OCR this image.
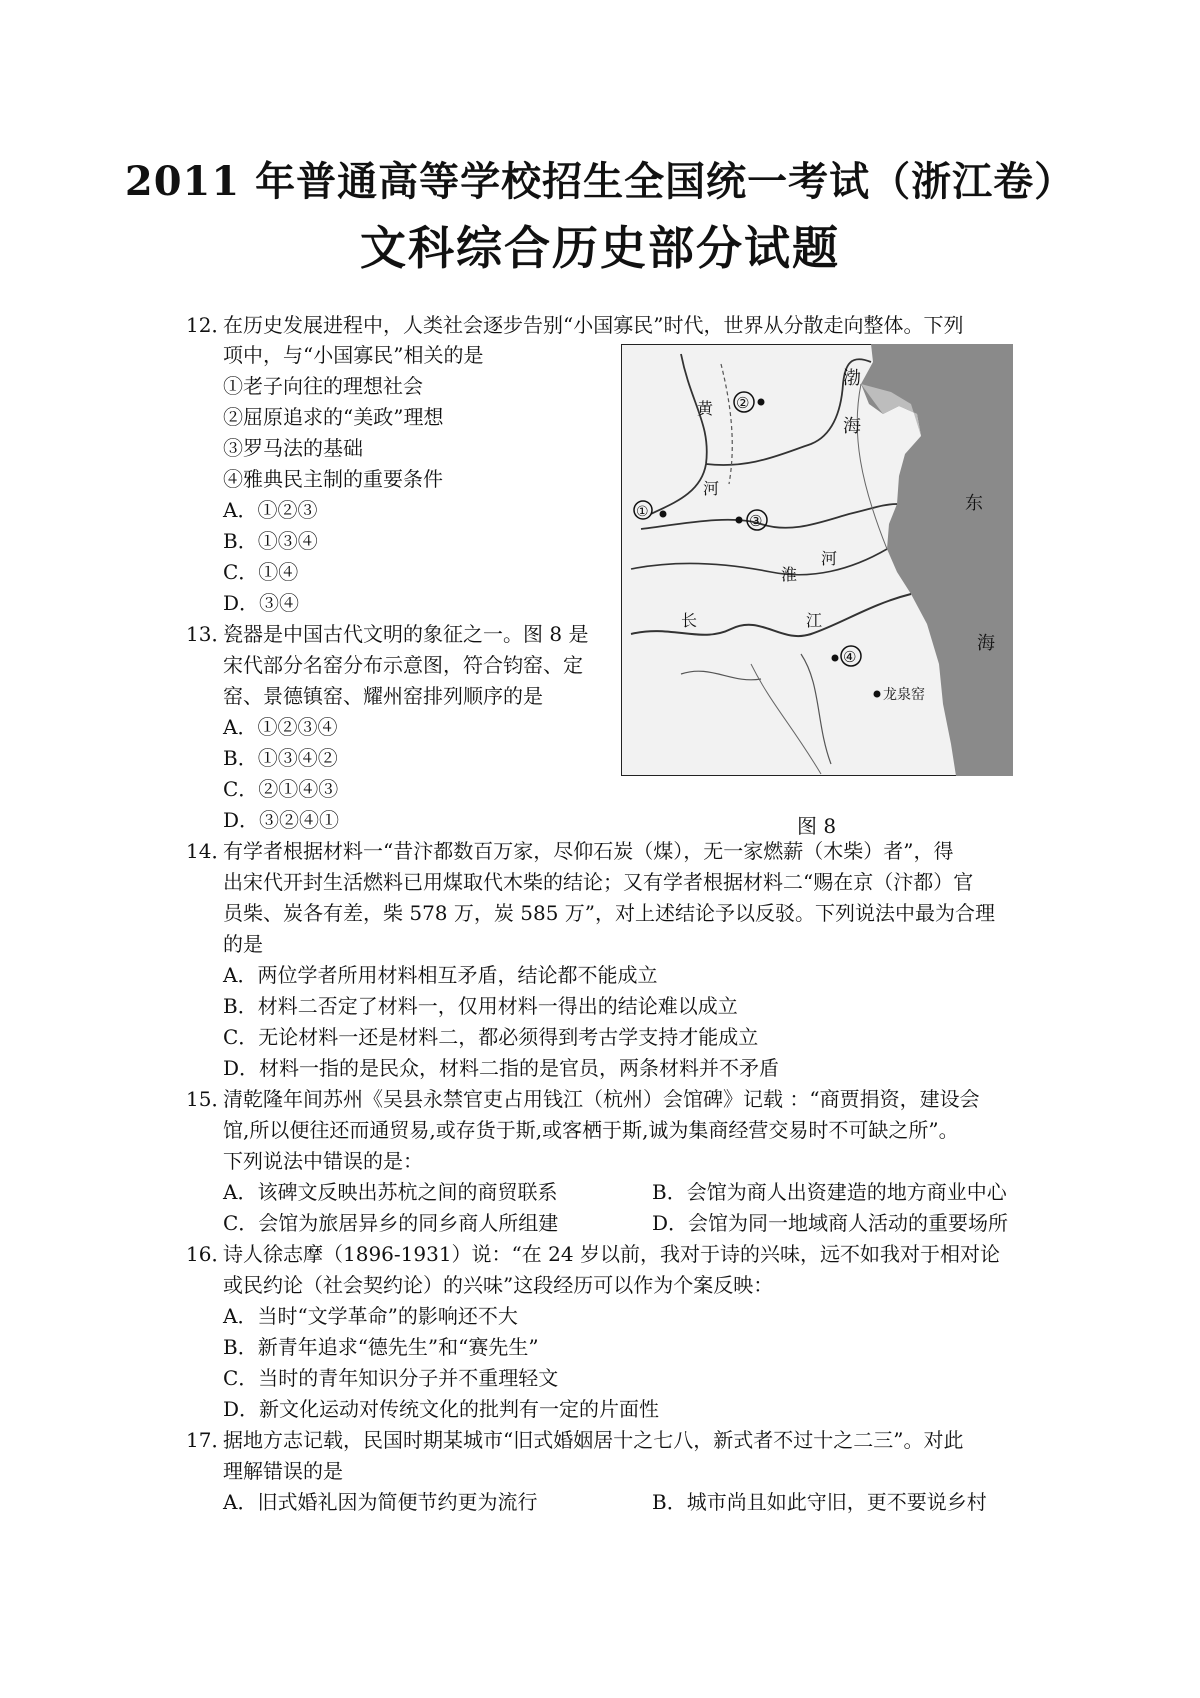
2011 年普通高等学校招生全国统一考试（浙江卷）
文科综合历史部分试题
12．
在历史发展进程中，人类社会逐步告别“小国寡民”时代，世界从分散走向整体。下列
项中，与“小国寡民”相关的是
①老子向往的理想社会
②屈原追求的“美政”理想
③罗马法的基础
④雅典民主制的重要条件
A．①②③
B．①③④
C．①④
D．③④
13．
瓷器是中国古代文明的象征之一。图 8 是
宋代部分名窑分布示意图，符合钧窑、定
窑、景德镇窑、耀州窑排列顺序的是
A．①②③④
B．①③④②
C．②①④③
D．③②④①
渤
海
黄
河
淮
河
长	江
东
海
①
②
③
④
龙泉窑
图 8
14．
有学者根据材料一“昔汴都数百万家，尽仰石炭（煤），无一家燃薪（木柴）者”，得
出宋代开封生活燃料已用煤取代木柴的结论；又有学者根据材料二“赐在京（汴都）官
员柴、炭各有差，柴 578 万，炭 585 万”，对上述结论予以反驳。下列说法中最为合理
的是
A．两位学者所用材料相互矛盾，结论都不能成立
B．材料二否定了材料一，仅用材料一得出的结论难以成立
C．无论材料一还是材料二，都必须得到考古学支持才能成立
D．材料一指的是民众，材料二指的是官员，两条材料并不矛盾
15．
清乾隆年间苏州《吴县永禁官吏占用钱江（杭州）会馆碑》记载 ：“商贾捐资，建设会
馆,所以便往还而通贸易,或存货于斯,或客栖于斯,诚为集商经营交易时不可缺之所”。
下列说法中错误的是：
A．该碑文反映出苏杭之间的商贸联系	B．会馆为商人出资建造的地方商业中心
C．会馆为旅居异乡的同乡商人所组建	D．会馆为同一地域商人活动的重要场所
16．
诗人徐志摩（1896-1931）说：“在 24 岁以前，我对于诗的兴味，远不如我对于相对论
或民约论（社会契约论）的兴味”这段经历可以作为个案反映：
A．当时“文学革命”的影响还不大
B．新青年追求“德先生”和“赛先生”
C．当时的青年知识分子并不重理轻文
D．新文化运动对传统文化的批判有一定的片面性
17．
据地方志记载，民国时期某城市“旧式婚姻居十之七八，新式者不过十之二三”。对此
理解错误的是
A．旧式婚礼因为简便节约更为流行	B．城市尚且如此守旧，更不要说乡村
